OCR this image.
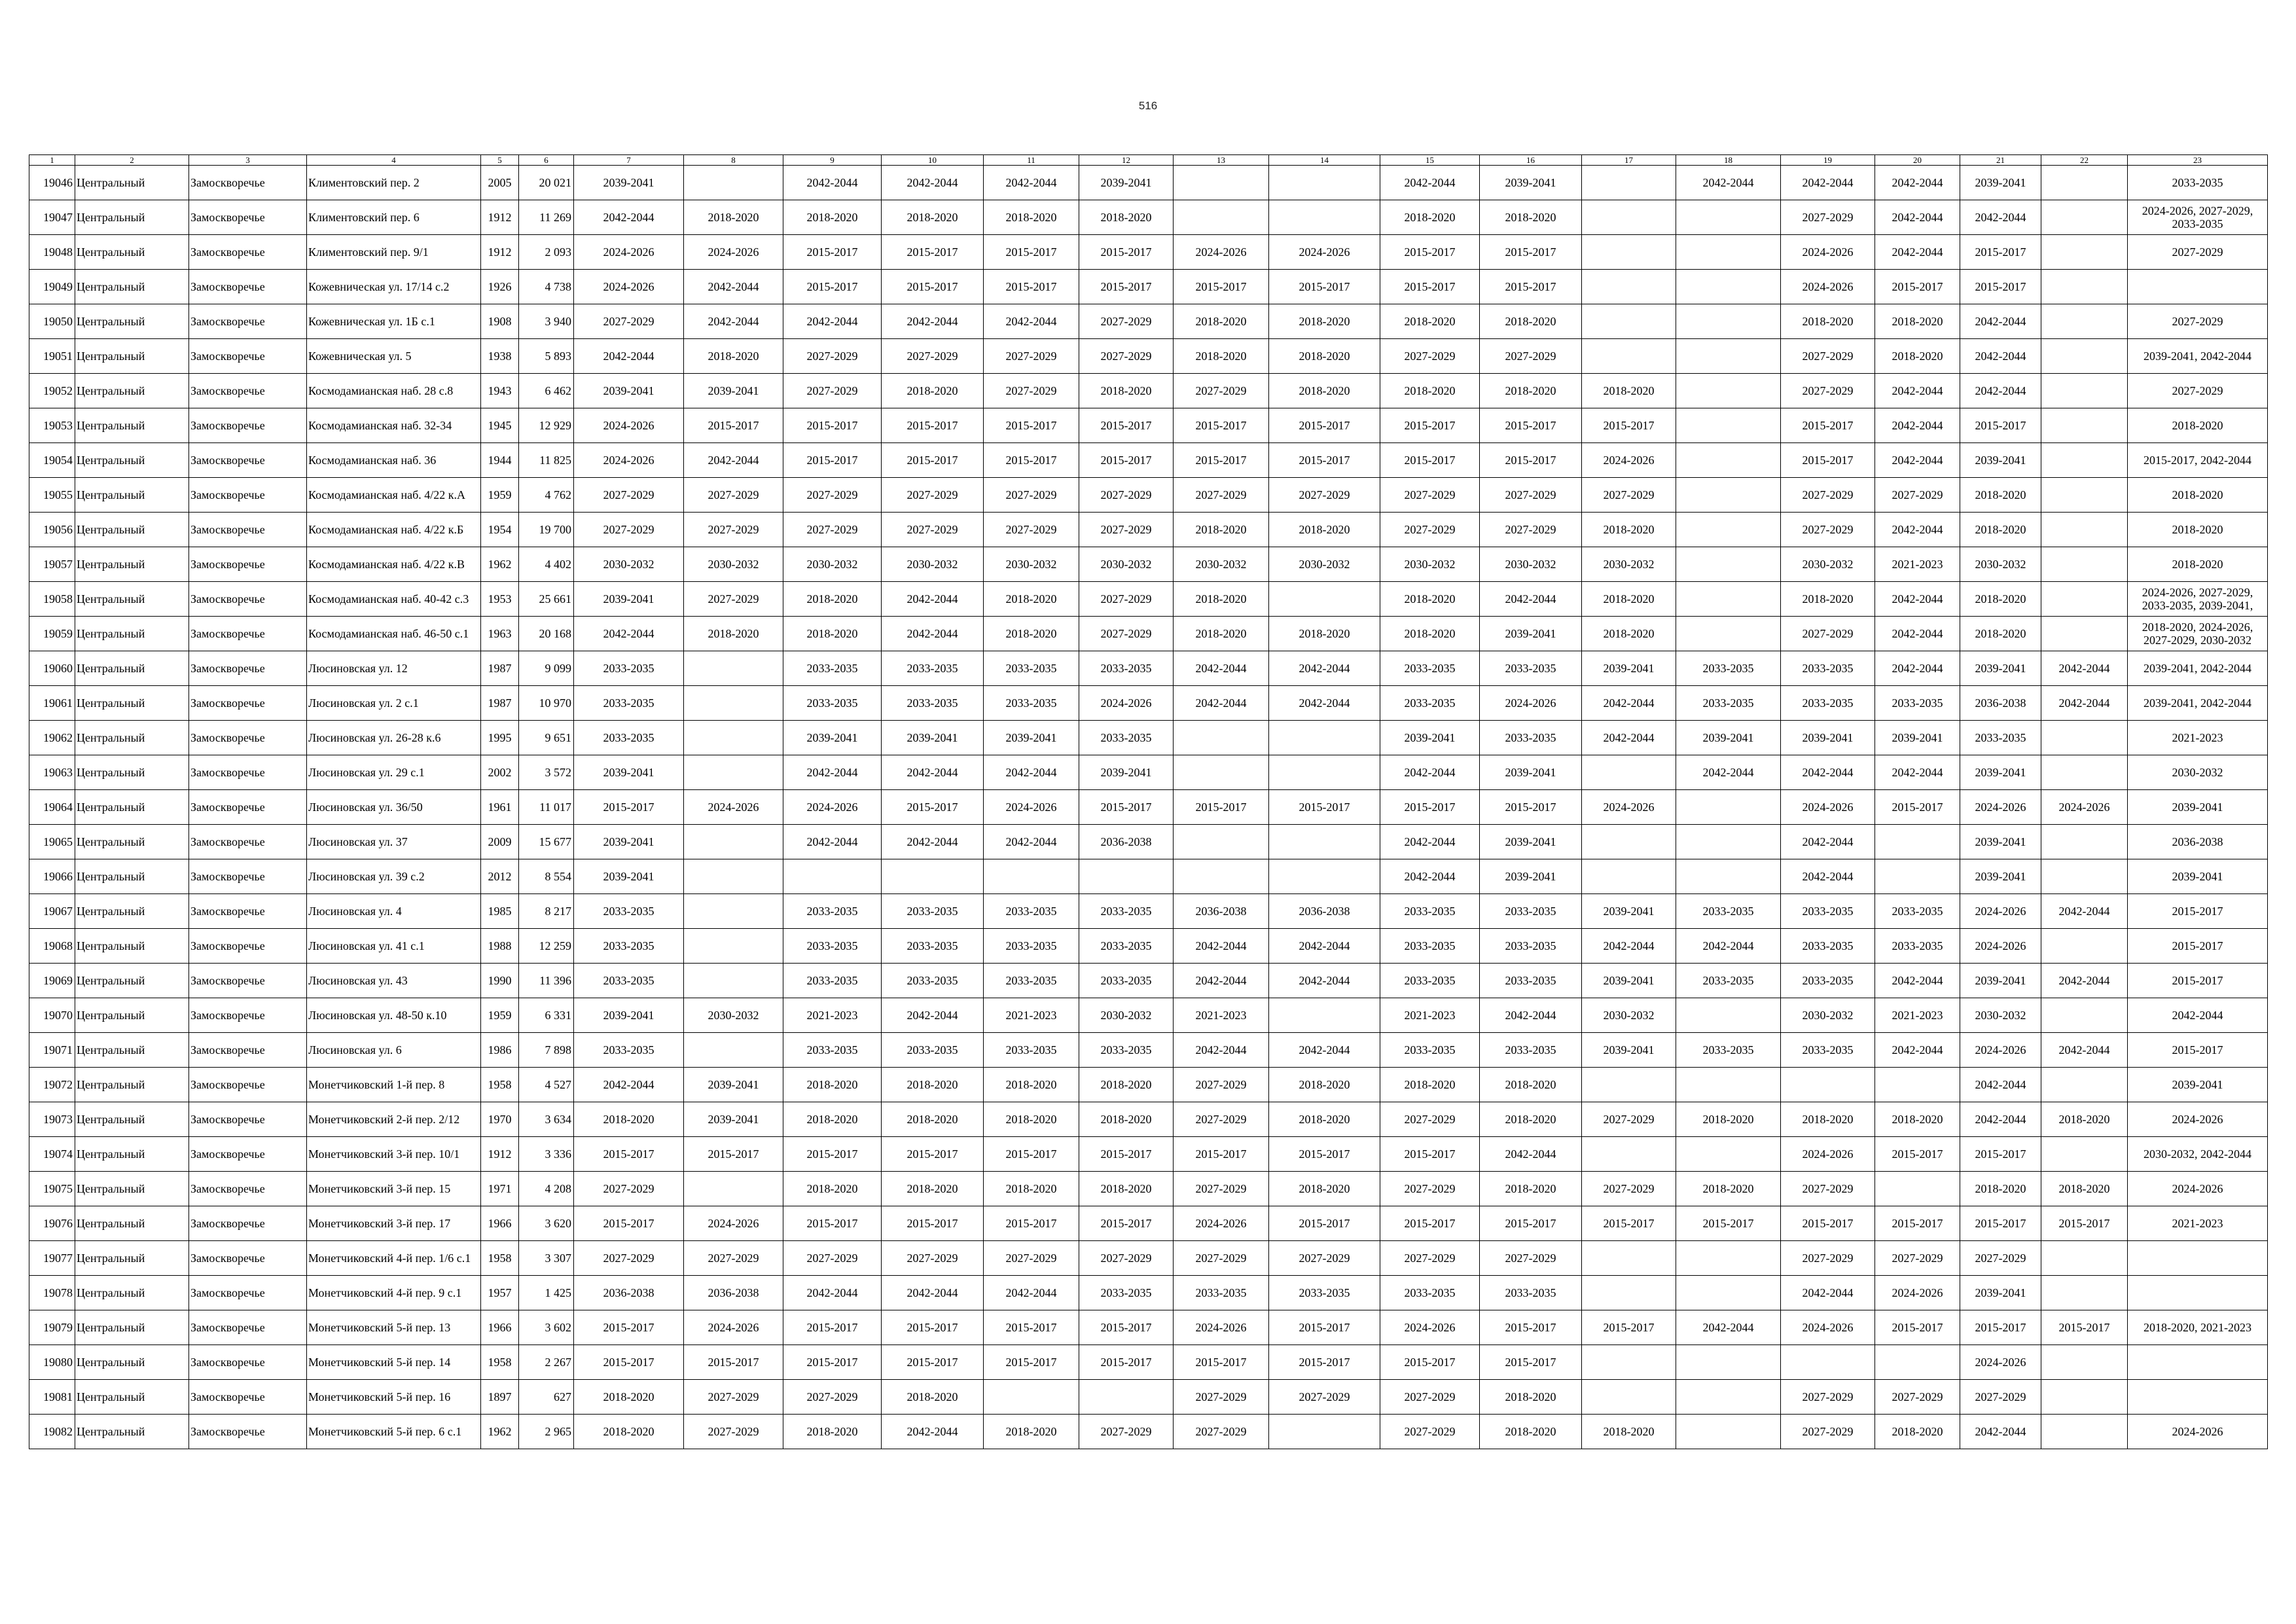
516
1	2	3	4	5	6	7	8	9	10	11	12	13	14	15	16	17	18	19	20	21	22	23
19046	Центральный	Замоскворечье	Климентовский пер. 2	2005	20 021	2039-2041		2042-2044	2042-2044	2042-2044	2039-2041			2042-2044	2039-2041		2042-2044	2042-2044	2042-2044	2039-2041		2033-2035
19047	Центральный	Замоскворечье	Климентовский пер. 6	1912	11 269	2042-2044	2018-2020	2018-2020	2018-2020	2018-2020	2018-2020			2018-2020	2018-2020			2027-2029	2042-2044	2042-2044		2024-2026, 2027-2029, 2033-2035
19048	Центральный	Замоскворечье	Климентовский пер. 9/1	1912	2 093	2024-2026	2024-2026	2015-2017	2015-2017	2015-2017	2015-2017	2024-2026	2024-2026	2015-2017	2015-2017			2024-2026	2042-2044	2015-2017		2027-2029
19049	Центральный	Замоскворечье	Кожевническая ул. 17/14 с.2	1926	4 738	2024-2026	2042-2044	2015-2017	2015-2017	2015-2017	2015-2017	2015-2017	2015-2017	2015-2017	2015-2017			2024-2026	2015-2017	2015-2017		
19050	Центральный	Замоскворечье	Кожевническая ул. 1Б с.1	1908	3 940	2027-2029	2042-2044	2042-2044	2042-2044	2042-2044	2027-2029	2018-2020	2018-2020	2018-2020	2018-2020			2018-2020	2018-2020	2042-2044		2027-2029
19051	Центральный	Замоскворечье	Кожевническая ул. 5	1938	5 893	2042-2044	2018-2020	2027-2029	2027-2029	2027-2029	2027-2029	2018-2020	2018-2020	2027-2029	2027-2029			2027-2029	2018-2020	2042-2044		2039-2041, 2042-2044
19052	Центральный	Замоскворечье	Космодамианская наб. 28 с.8	1943	6 462	2039-2041	2039-2041	2027-2029	2018-2020	2027-2029	2018-2020	2027-2029	2018-2020	2018-2020	2018-2020	2018-2020		2027-2029	2042-2044	2042-2044		2027-2029
19053	Центральный	Замоскворечье	Космодамианская наб. 32-34	1945	12 929	2024-2026	2015-2017	2015-2017	2015-2017	2015-2017	2015-2017	2015-2017	2015-2017	2015-2017	2015-2017	2015-2017		2015-2017	2042-2044	2015-2017		2018-2020
19054	Центральный	Замоскворечье	Космодамианская наб. 36	1944	11 825	2024-2026	2042-2044	2015-2017	2015-2017	2015-2017	2015-2017	2015-2017	2015-2017	2015-2017	2015-2017	2024-2026		2015-2017	2042-2044	2039-2041		2015-2017, 2042-2044
19055	Центральный	Замоскворечье	Космодамианская наб. 4/22 к.А	1959	4 762	2027-2029	2027-2029	2027-2029	2027-2029	2027-2029	2027-2029	2027-2029	2027-2029	2027-2029	2027-2029	2027-2029		2027-2029	2027-2029	2018-2020		2018-2020
19056	Центральный	Замоскворечье	Космодамианская наб. 4/22 к.Б	1954	19 700	2027-2029	2027-2029	2027-2029	2027-2029	2027-2029	2027-2029	2018-2020	2018-2020	2027-2029	2027-2029	2018-2020		2027-2029	2042-2044	2018-2020		2018-2020
19057	Центральный	Замоскворечье	Космодамианская наб. 4/22 к.В	1962	4 402	2030-2032	2030-2032	2030-2032	2030-2032	2030-2032	2030-2032	2030-2032	2030-2032	2030-2032	2030-2032	2030-2032		2030-2032	2021-2023	2030-2032		2018-2020
19058	Центральный	Замоскворечье	Космодамианская наб. 40-42 с.3	1953	25 661	2039-2041	2027-2029	2018-2020	2042-2044	2018-2020	2027-2029	2018-2020		2018-2020	2042-2044	2018-2020		2018-2020	2042-2044	2018-2020		2024-2026, 2027-2029, 2033-2035, 2039-2041,
19059	Центральный	Замоскворечье	Космодамианская наб. 46-50 с.1	1963	20 168	2042-2044	2018-2020	2018-2020	2042-2044	2018-2020	2027-2029	2018-2020	2018-2020	2018-2020	2039-2041	2018-2020		2027-2029	2042-2044	2018-2020		2018-2020, 2024-2026, 2027-2029, 2030-2032
19060	Центральный	Замоскворечье	Люсиновская ул. 12	1987	9 099	2033-2035		2033-2035	2033-2035	2033-2035	2033-2035	2042-2044	2042-2044	2033-2035	2033-2035	2039-2041	2033-2035	2033-2035	2042-2044	2039-2041	2042-2044	2039-2041, 2042-2044
19061	Центральный	Замоскворечье	Люсиновская ул. 2 с.1	1987	10 970	2033-2035		2033-2035	2033-2035	2033-2035	2024-2026	2042-2044	2042-2044	2033-2035	2024-2026	2042-2044	2033-2035	2033-2035	2033-2035	2036-2038	2042-2044	2039-2041, 2042-2044
19062	Центральный	Замоскворечье	Люсиновская ул. 26-28 к.6	1995	9 651	2033-2035		2039-2041	2039-2041	2039-2041	2033-2035			2039-2041	2033-2035	2042-2044	2039-2041	2039-2041	2039-2041	2033-2035		2021-2023
19063	Центральный	Замоскворечье	Люсиновская ул. 29 с.1	2002	3 572	2039-2041		2042-2044	2042-2044	2042-2044	2039-2041			2042-2044	2039-2041		2042-2044	2042-2044	2042-2044	2039-2041		2030-2032
19064	Центральный	Замоскворечье	Люсиновская ул. 36/50	1961	11 017	2015-2017	2024-2026	2024-2026	2015-2017	2024-2026	2015-2017	2015-2017	2015-2017	2015-2017	2015-2017	2024-2026		2024-2026	2015-2017	2024-2026	2024-2026	2039-2041
19065	Центральный	Замоскворечье	Люсиновская ул. 37	2009	15 677	2039-2041		2042-2044	2042-2044	2042-2044	2036-2038			2042-2044	2039-2041			2042-2044		2039-2041		2036-2038
19066	Центральный	Замоскворечье	Люсиновская ул. 39 с.2	2012	8 554	2039-2041								2042-2044	2039-2041			2042-2044		2039-2041		2039-2041
19067	Центральный	Замоскворечье	Люсиновская ул. 4	1985	8 217	2033-2035		2033-2035	2033-2035	2033-2035	2033-2035	2036-2038	2036-2038	2033-2035	2033-2035	2039-2041	2033-2035	2033-2035	2033-2035	2024-2026	2042-2044	2015-2017
19068	Центральный	Замоскворечье	Люсиновская ул. 41 с.1	1988	12 259	2033-2035		2033-2035	2033-2035	2033-2035	2033-2035	2042-2044	2042-2044	2033-2035	2033-2035	2042-2044	2042-2044	2033-2035	2033-2035	2024-2026		2015-2017
19069	Центральный	Замоскворечье	Люсиновская ул. 43	1990	11 396	2033-2035		2033-2035	2033-2035	2033-2035	2033-2035	2042-2044	2042-2044	2033-2035	2033-2035	2039-2041	2033-2035	2033-2035	2042-2044	2039-2041	2042-2044	2015-2017
19070	Центральный	Замоскворечье	Люсиновская ул. 48-50 к.10	1959	6 331	2039-2041	2030-2032	2021-2023	2042-2044	2021-2023	2030-2032	2021-2023		2021-2023	2042-2044	2030-2032		2030-2032	2021-2023	2030-2032		2042-2044
19071	Центральный	Замоскворечье	Люсиновская ул. 6	1986	7 898	2033-2035		2033-2035	2033-2035	2033-2035	2033-2035	2042-2044	2042-2044	2033-2035	2033-2035	2039-2041	2033-2035	2033-2035	2042-2044	2024-2026	2042-2044	2015-2017
19072	Центральный	Замоскворечье	Монетчиковский 1-й пер. 8	1958	4 527	2042-2044	2039-2041	2018-2020	2018-2020	2018-2020	2018-2020	2027-2029	2018-2020	2018-2020	2018-2020					2042-2044		2039-2041
19073	Центральный	Замоскворечье	Монетчиковский 2-й пер. 2/12	1970	3 634	2018-2020	2039-2041	2018-2020	2018-2020	2018-2020	2018-2020	2027-2029	2018-2020	2027-2029	2018-2020	2027-2029	2018-2020	2018-2020	2018-2020	2042-2044	2018-2020	2024-2026
19074	Центральный	Замоскворечье	Монетчиковский 3-й пер. 10/1	1912	3 336	2015-2017	2015-2017	2015-2017	2015-2017	2015-2017	2015-2017	2015-2017	2015-2017	2015-2017	2042-2044			2024-2026	2015-2017	2015-2017		2030-2032, 2042-2044
19075	Центральный	Замоскворечье	Монетчиковский 3-й пер. 15	1971	4 208	2027-2029		2018-2020	2018-2020	2018-2020	2018-2020	2027-2029	2018-2020	2027-2029	2018-2020	2027-2029	2018-2020	2027-2029		2018-2020	2018-2020	2024-2026
19076	Центральный	Замоскворечье	Монетчиковский 3-й пер. 17	1966	3 620	2015-2017	2024-2026	2015-2017	2015-2017	2015-2017	2015-2017	2024-2026	2015-2017	2015-2017	2015-2017	2015-2017	2015-2017	2015-2017	2015-2017	2015-2017	2015-2017	2021-2023
19077	Центральный	Замоскворечье	Монетчиковский 4-й пер. 1/6 с.1	1958	3 307	2027-2029	2027-2029	2027-2029	2027-2029	2027-2029	2027-2029	2027-2029	2027-2029	2027-2029	2027-2029			2027-2029	2027-2029	2027-2029		
19078	Центральный	Замоскворечье	Монетчиковский 4-й пер. 9 с.1	1957	1 425	2036-2038	2036-2038	2042-2044	2042-2044	2042-2044	2033-2035	2033-2035	2033-2035	2033-2035	2033-2035			2042-2044	2024-2026	2039-2041		
19079	Центральный	Замоскворечье	Монетчиковский 5-й пер. 13	1966	3 602	2015-2017	2024-2026	2015-2017	2015-2017	2015-2017	2015-2017	2024-2026	2015-2017	2024-2026	2015-2017	2015-2017	2042-2044	2024-2026	2015-2017	2015-2017	2015-2017	2018-2020, 2021-2023
19080	Центральный	Замоскворечье	Монетчиковский 5-й пер. 14	1958	2 267	2015-2017	2015-2017	2015-2017	2015-2017	2015-2017	2015-2017	2015-2017	2015-2017	2015-2017	2015-2017					2024-2026		
19081	Центральный	Замоскворечье	Монетчиковский 5-й пер. 16	1897	627	2018-2020	2027-2029	2027-2029	2018-2020			2027-2029	2027-2029	2027-2029	2018-2020			2027-2029	2027-2029	2027-2029		
19082	Центральный	Замоскворечье	Монетчиковский 5-й пер. 6 с.1	1962	2 965	2018-2020	2027-2029	2018-2020	2042-2044	2018-2020	2027-2029	2027-2029		2027-2029	2018-2020	2018-2020		2027-2029	2018-2020	2042-2044		2024-2026
